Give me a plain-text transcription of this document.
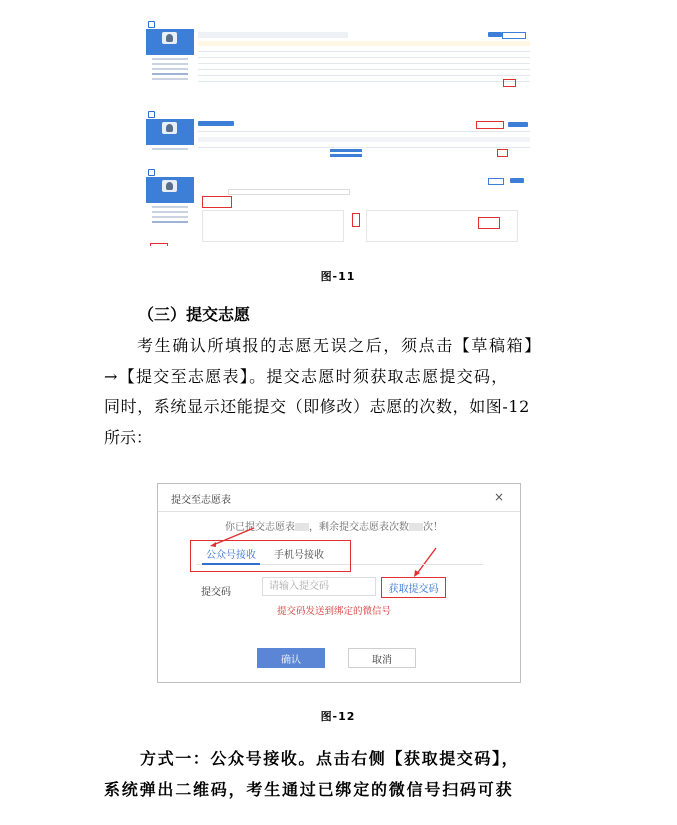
图-11
（三）提交志愿

考生确认所填报的志愿无误之后，须点击【草稿箱】

→【提交至志愿表】。提交志愿时须获取志愿提交码，

同时，系统显示还能提交（即修改）志愿的次数，如图-12

所示：

提交至志愿表	×
你已提交志愿表 ，剩余提交志愿表次数 次！
公众号接收 手机号接收
提交码
请输入提交码	获取提交码
提交码发送到绑定的微信号
确认	取消
图-12

方式一：公众号接收。点击右侧【获取提交码】，

系统弹出二维码，考生通过已绑定的微信号扫码可获
